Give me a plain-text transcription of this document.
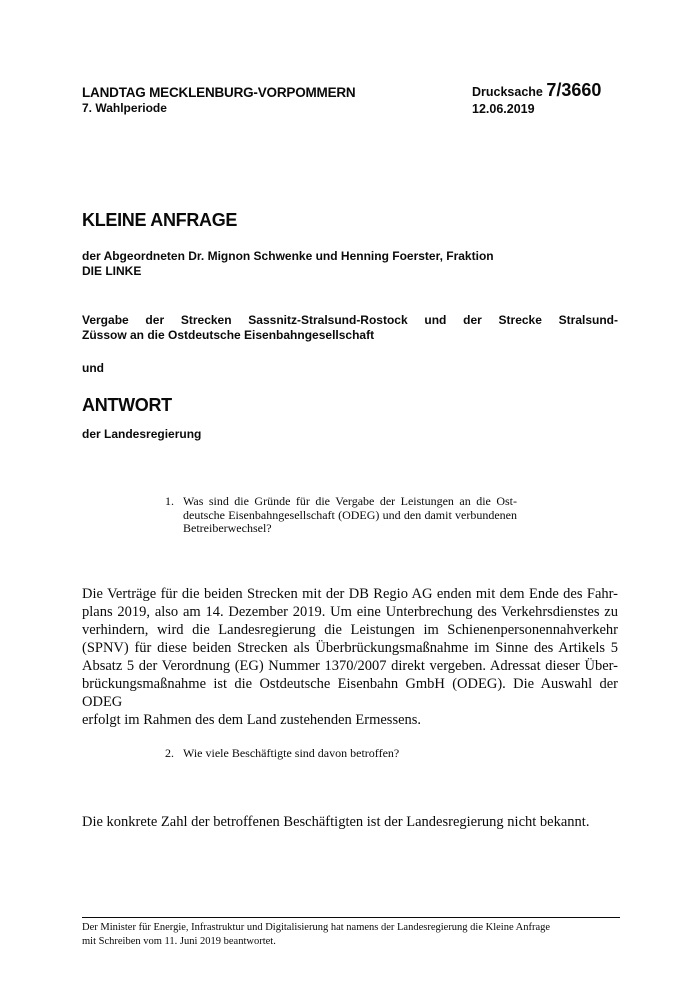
LANDTAG MECKLENBURG-VORPOMMERN
7. Wahlperiode
Drucksache 7/3660
12.06.2019
KLEINE ANFRAGE
der Abgeordneten Dr. Mignon Schwenke und Henning Foerster, Fraktion
DIE LINKE
Vergabe der Strecken Sassnitz-Stralsund-Rostock und der Strecke Stralsund-
Züssow an die Ostdeutsche Eisenbahngesellschaft
und
ANTWORT
der Landesregierung
1. Was sind die Gründe für die Vergabe der Leistungen an die Ost-
deutsche Eisenbahngesellschaft (ODEG) und den damit verbundenen
Betreiberwechsel?
Die Verträge für die beiden Strecken mit der DB Regio AG enden mit dem Ende des Fahr-
plans 2019, also am 14. Dezember 2019. Um eine Unterbrechung des Verkehrsdienstes zu
verhindern, wird die Landesregierung die Leistungen im Schienenpersonennahverkehr
(SPNV) für diese beiden Strecken als Überbrückungsmaßnahme im Sinne des Artikels 5
Absatz 5 der Verordnung (EG) Nummer 1370/2007 direkt vergeben. Adressat dieser Über-
brückungsmaßnahme ist die Ostdeutsche Eisenbahn GmbH (ODEG). Die Auswahl der ODEG
erfolgt im Rahmen des dem Land zustehenden Ermessens.
2. Wie viele Beschäftigte sind davon betroffen?
Die konkrete Zahl der betroffenen Beschäftigten ist der Landesregierung nicht bekannt.
Der Minister für Energie, Infrastruktur und Digitalisierung hat namens der Landesregierung die Kleine Anfrage
mit Schreiben vom 11. Juni 2019 beantwortet.
